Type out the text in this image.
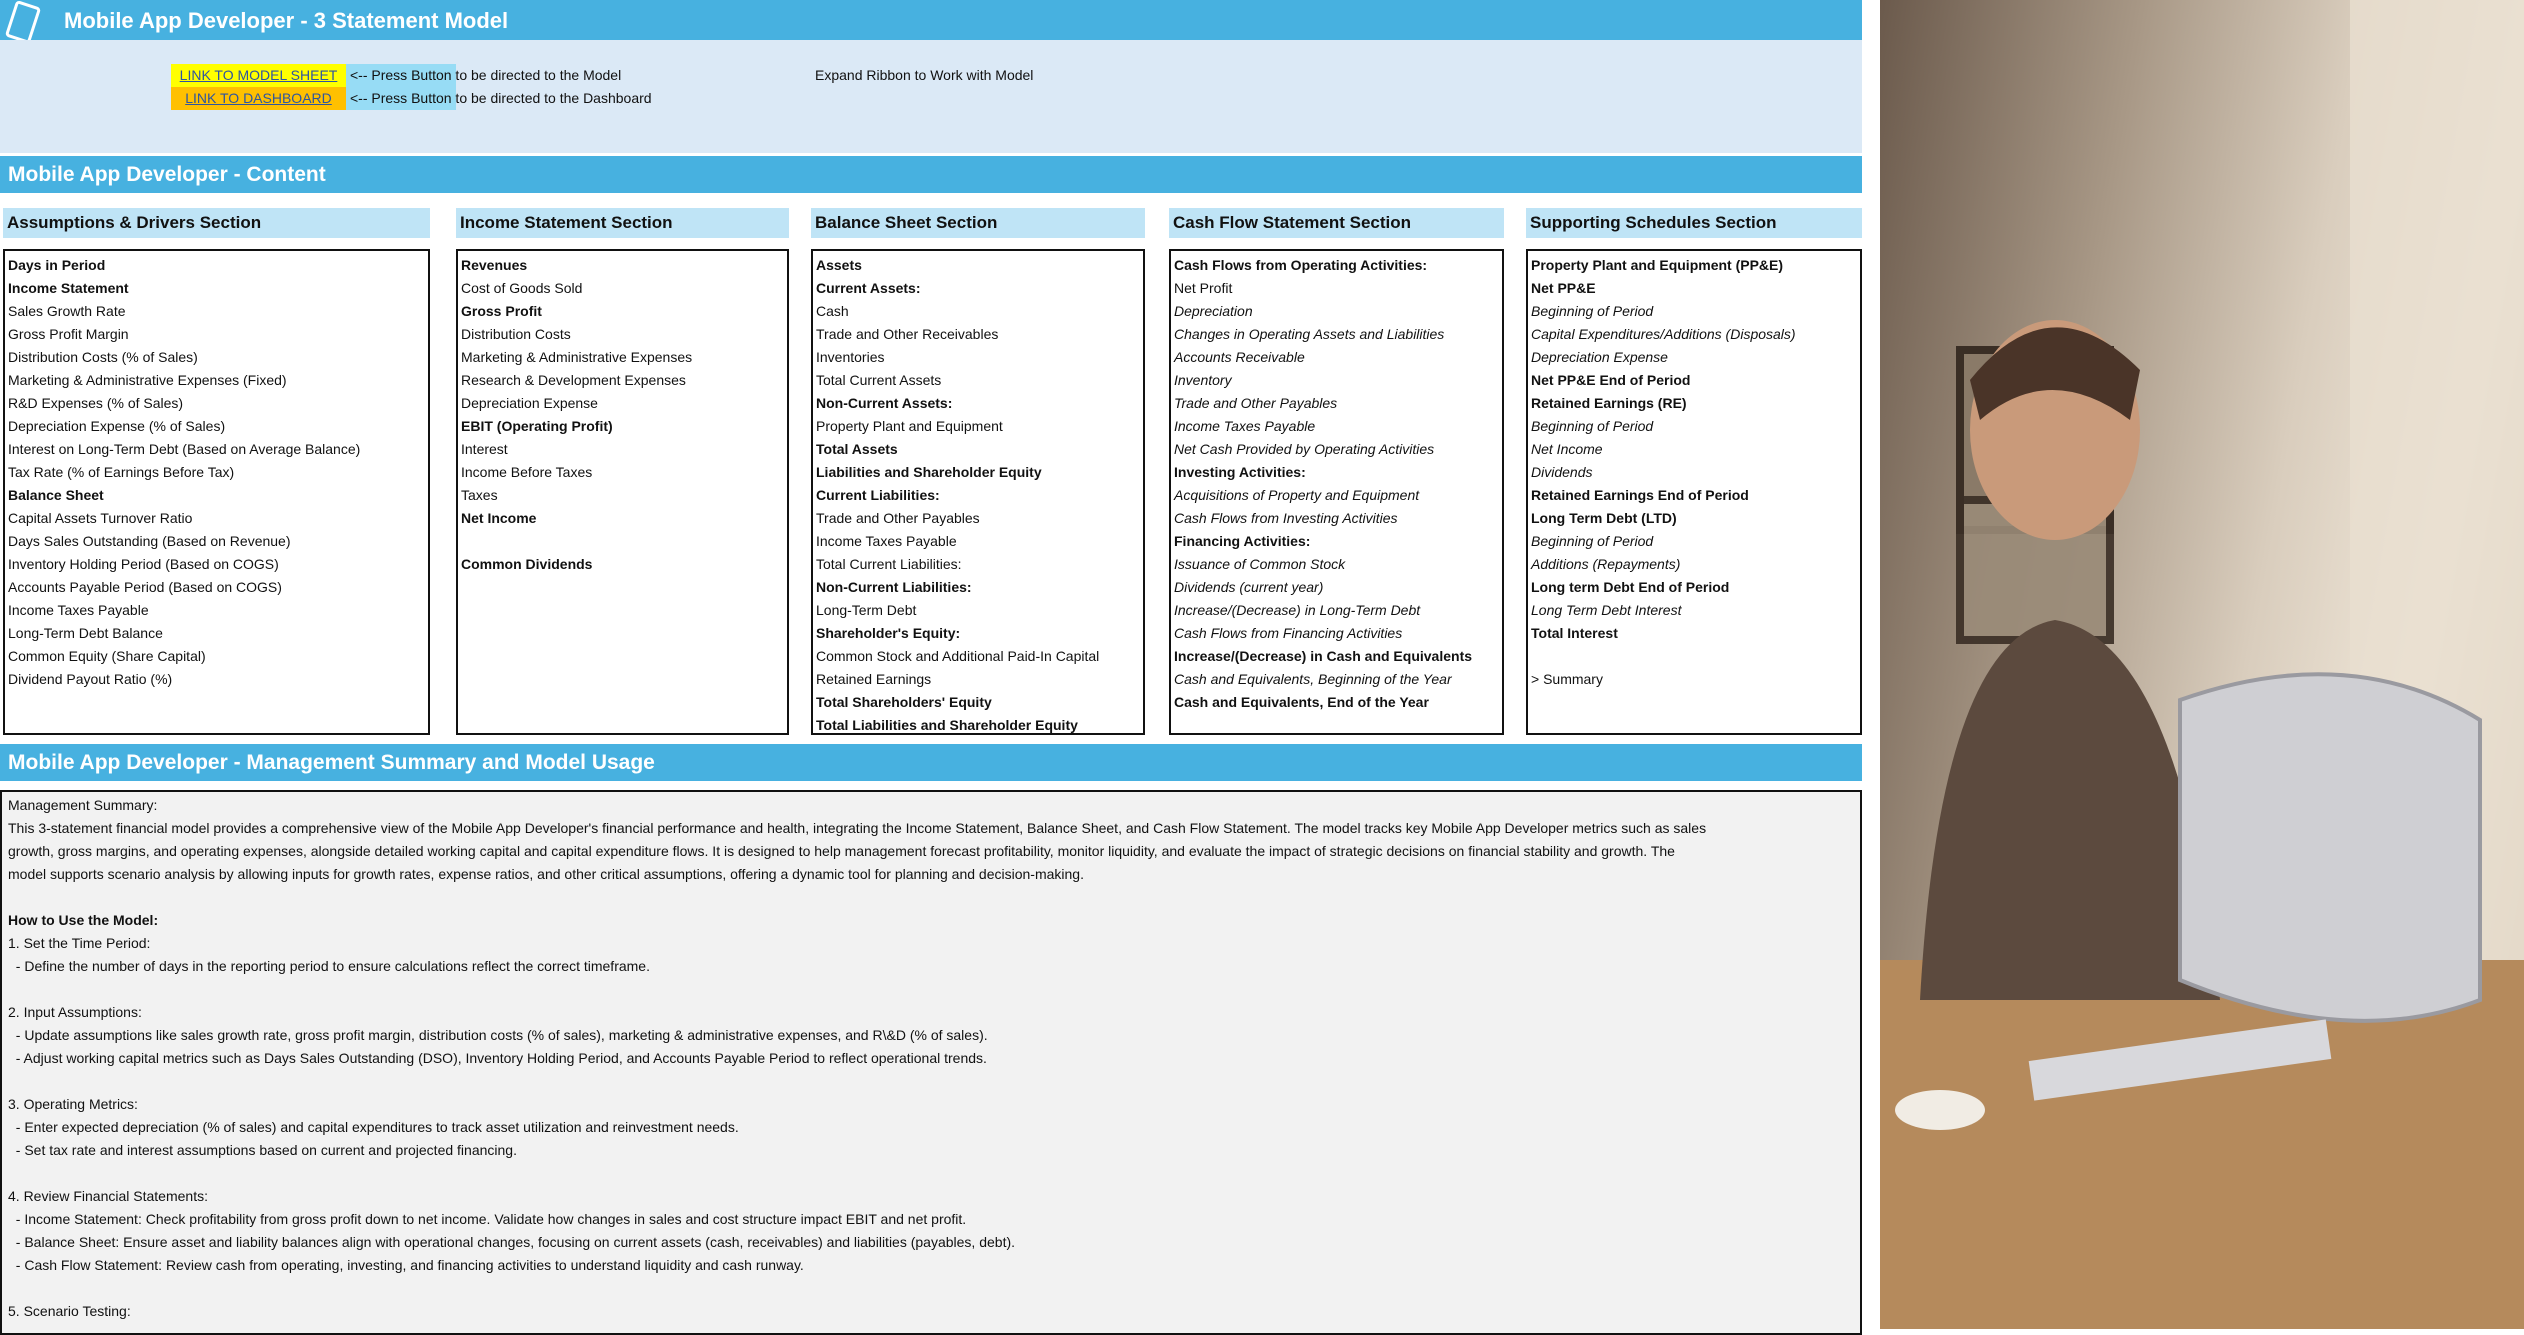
Mobile App Developer - 3 Statement Model
LINK TO MODEL SHEET
LINK TO DASHBOARD
<-- Press Button to be directed to the Model
<-- Press Button to be directed to the Dashboard
Expand Ribbon to Work with Model
Mobile App Developer - Content
Assumptions & Drivers Section
Days in Period
Income Statement
Sales Growth Rate
Gross Profit Margin
Distribution Costs (% of Sales)
Marketing & Administrative Expenses (Fixed)
R&D Expenses (% of Sales)
Depreciation Expense (% of Sales)
Interest on Long-Term Debt (Based on Average Balance)
Tax Rate (% of Earnings Before Tax)
Balance Sheet
Capital Assets Turnover Ratio
Days Sales Outstanding (Based on Revenue)
Inventory Holding Period (Based on COGS)
Accounts Payable Period (Based on COGS)
Income Taxes Payable
Long-Term Debt Balance
Common Equity (Share Capital)
Dividend Payout Ratio (%)
Income Statement Section
Revenues
Cost of Goods Sold
Gross Profit
Distribution Costs
Marketing & Administrative Expenses
Research & Development Expenses
Depreciation Expense
EBIT (Operating Profit)
Interest
Income Before Taxes
Taxes
Net Income
Common Dividends
Balance Sheet Section
Assets
Current Assets:
Cash
Trade and Other Receivables
Inventories
Total Current Assets
Non-Current Assets:
Property Plant and Equipment
Total Assets
Liabilities and Shareholder Equity
Current Liabilities:
Trade and Other Payables
Income Taxes Payable
Total Current Liabilities:
Non-Current Liabilities:
Long-Term Debt
Shareholder's Equity:
Common Stock and Additional Paid-In Capital
Retained Earnings
Total Shareholders' Equity
Total Liabilities and Shareholder Equity
Cash Flow Statement Section
Cash Flows from Operating Activities:
Net Profit
Depreciation
Changes in Operating Assets and Liabilities
Accounts Receivable
Inventory
Trade and Other Payables
Income Taxes Payable
Net Cash Provided by Operating Activities
Investing Activities:
Acquisitions of Property and Equipment
Cash Flows from Investing Activities
Financing Activities:
Issuance of Common Stock
Dividends (current year)
Increase/(Decrease) in Long-Term Debt
Cash Flows from Financing Activities
Increase/(Decrease) in Cash and Equivalents
Cash and Equivalents, Beginning of the Year
Cash and Equivalents, End of the Year
Supporting Schedules Section
Property Plant and Equipment (PP&E)
Net PP&E
Beginning of Period
Capital Expenditures/Additions (Disposals)
Depreciation Expense
Net PP&E End of Period
Retained Earnings (RE)
Beginning of Period
Net Income
Dividends
Retained Earnings End of Period
Long Term Debt (LTD)
Beginning of Period
Additions (Repayments)
Long term Debt End of Period
Long Term Debt Interest
Total Interest
> Summary
Mobile App Developer - Management Summary and Model Usage
Management Summary:
This 3-statement financial model provides a comprehensive view of the Mobile App Developer's financial performance and health, integrating the Income Statement, Balance Sheet, and Cash Flow Statement. The model tracks key Mobile App Developer metrics such as sales
growth, gross margins, and operating expenses, alongside detailed working capital and capital expenditure flows. It is designed to help management forecast profitability, monitor liquidity, and evaluate the impact of strategic decisions on financial stability and growth. The
model supports scenario analysis by allowing inputs for growth rates, expense ratios, and other critical assumptions, offering a dynamic tool for planning and decision-making.
How to Use the Model:
1. Set the Time Period:
- Define the number of days in the reporting period to ensure calculations reflect the correct timeframe.
2. Input Assumptions:
- Update assumptions like sales growth rate, gross profit margin, distribution costs (% of sales), marketing & administrative expenses, and R\&D (% of sales).
- Adjust working capital metrics such as Days Sales Outstanding (DSO), Inventory Holding Period, and Accounts Payable Period to reflect operational trends.
3. Operating Metrics:
- Enter expected depreciation (% of sales) and capital expenditures to track asset utilization and reinvestment needs.
- Set tax rate and interest assumptions based on current and projected financing.
4. Review Financial Statements:
- Income Statement: Check profitability from gross profit down to net income. Validate how changes in sales and cost structure impact EBIT and net profit.
- Balance Sheet: Ensure asset and liability balances align with operational changes, focusing on current assets (cash, receivables) and liabilities (payables, debt).
- Cash Flow Statement: Review cash from operating, investing, and financing activities to understand liquidity and cash runway.
5. Scenario Testing:
